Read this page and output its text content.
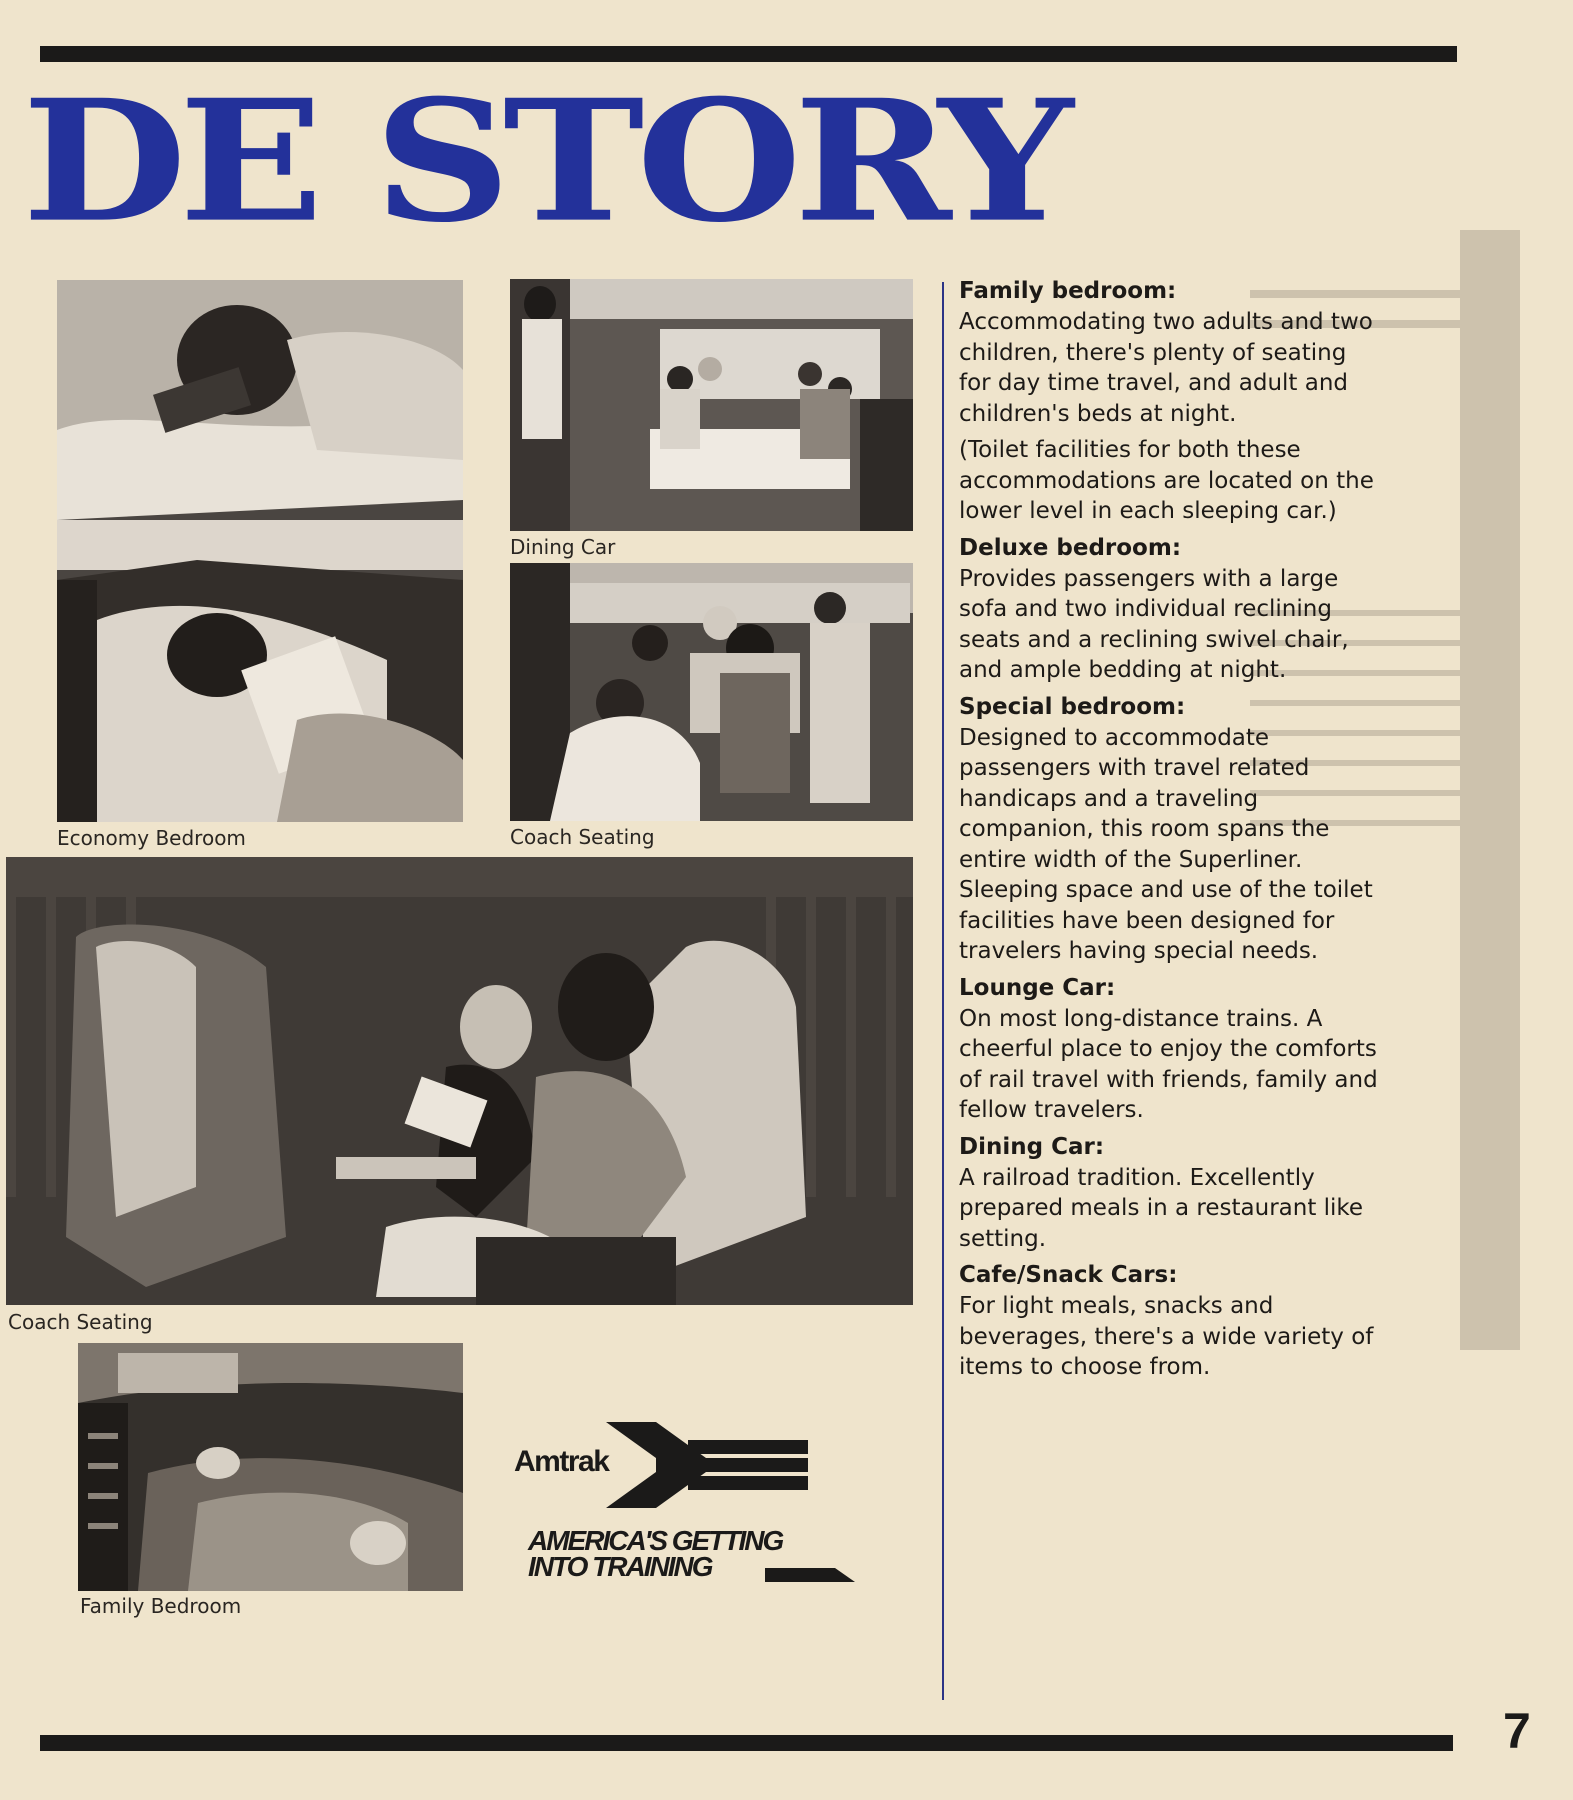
DE STORY
Economy Bedroom
Dining Car
Coach Seating
Coach Seating
Family Bedroom
Amtrak
AMERICA'S GETTING
INTO TRAINING
Family bedroom:

Accommodating two adults and two children, there's plenty of seating for day time travel, and adult and children's beds at night.

(Toilet facilities for both these accommodations are located on the lower level in each sleeping car.)

Deluxe bedroom:

Provides passengers with a large sofa and two individual reclining seats and a reclining swivel chair, and ample bedding at night.

Special bedroom:

Designed to accommodate passengers with travel related handicaps and a traveling companion, this room spans the entire width of the Superliner. Sleeping space and use of the toilet facilities have been designed for travelers having special needs.

Lounge Car:

On most long-distance trains. A cheerful place to enjoy the comforts of rail travel with friends, family and fellow travelers.

Dining Car:

A railroad tradition. Excellently prepared meals in a restaurant like setting.

Cafe/Snack Cars:

For light meals, snacks and beverages, there's a wide variety of items to choose from.

7
